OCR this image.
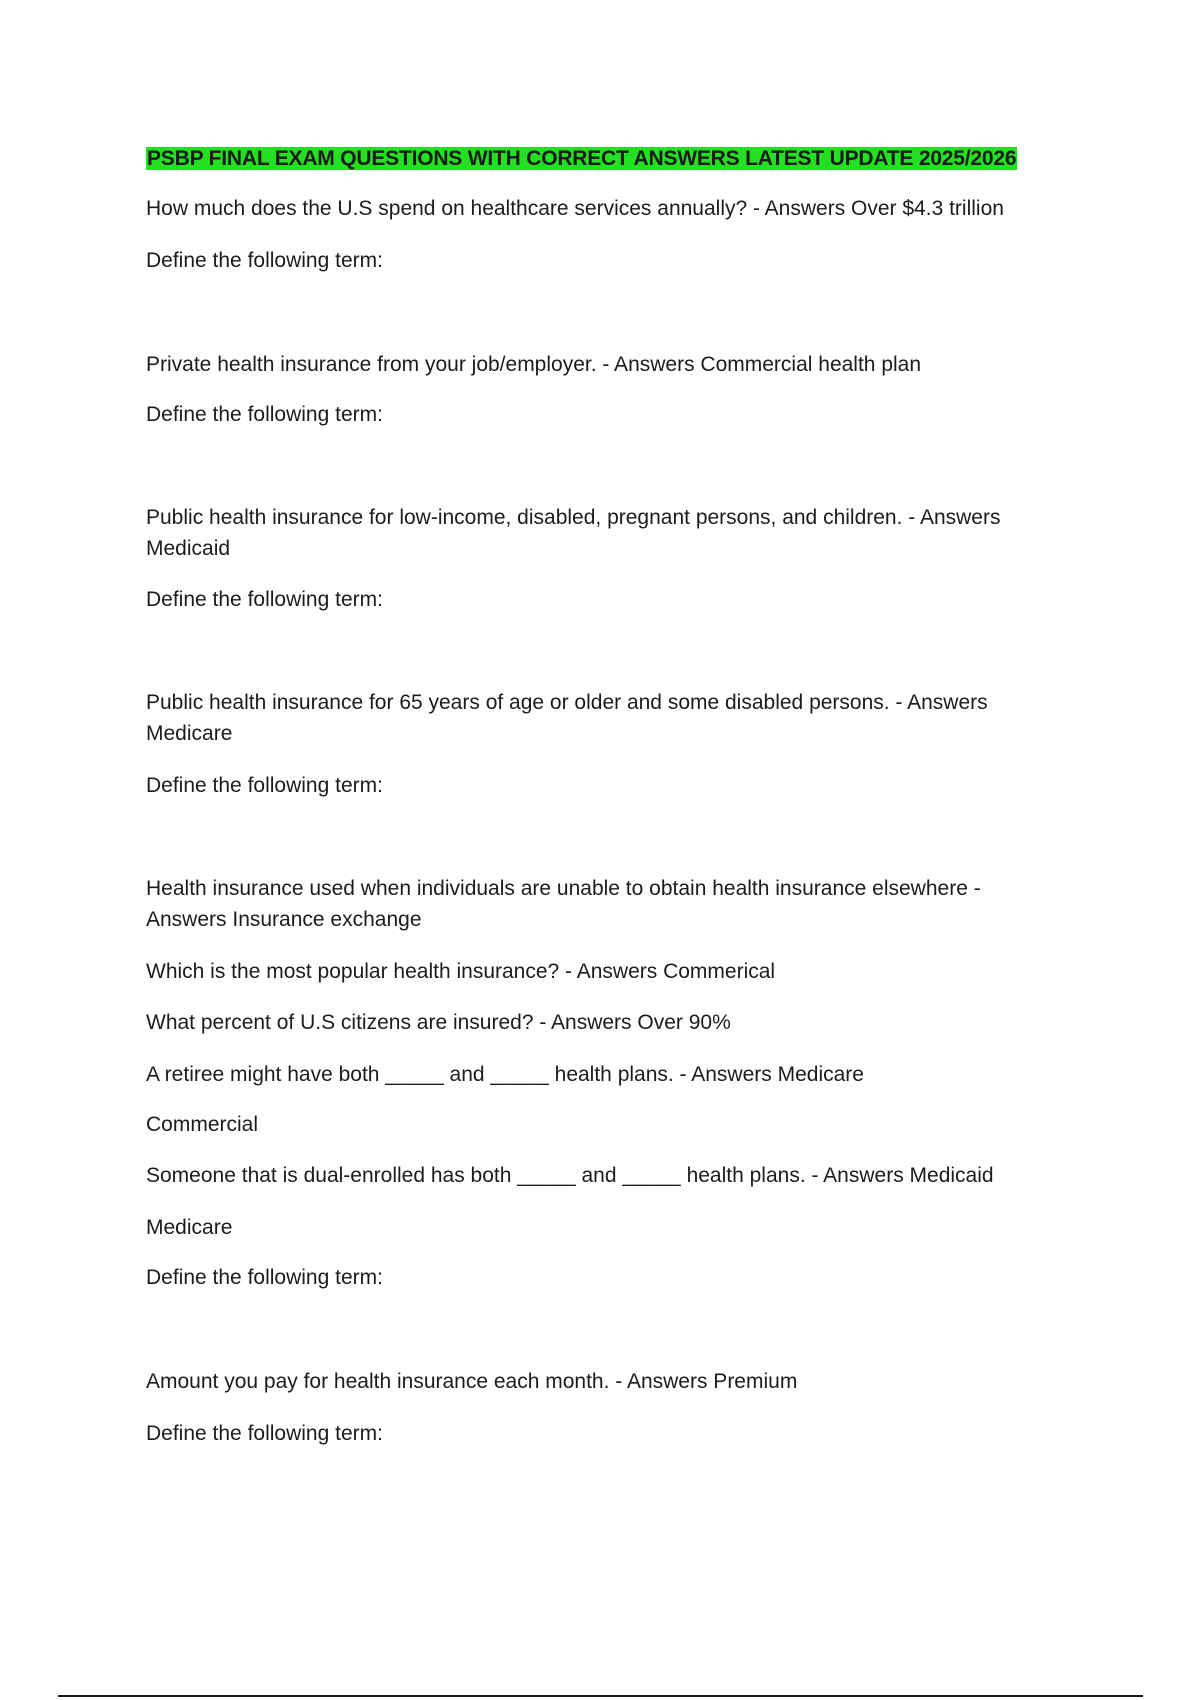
PSBP FINAL EXAM QUESTIONS WITH CORRECT ANSWERS LATEST UPDATE 2025/2026

How much does the U.S spend on healthcare services annually? - Answers Over $4.3 trillion

Define the following term:

Private health insurance from your job/employer. - Answers Commercial health plan

Define the following term:

Public health insurance for low-income, disabled, pregnant persons, and children. - Answers Medicaid

Define the following term:

Public health insurance for 65 years of age or older and some disabled persons. - Answers Medicare

Define the following term:

Health insurance used when individuals are unable to obtain health insurance elsewhere - Answers Insurance exchange

Which is the most popular health insurance? - Answers Commerical

What percent of U.S citizens are insured? - Answers Over 90%

A retiree might have both _____ and _____ health plans. - Answers Medicare

Commercial

Someone that is dual-enrolled has both _____ and _____ health plans. - Answers Medicaid

Medicare

Define the following term:

Amount you pay for health insurance each month. - Answers Premium

Define the following term:
